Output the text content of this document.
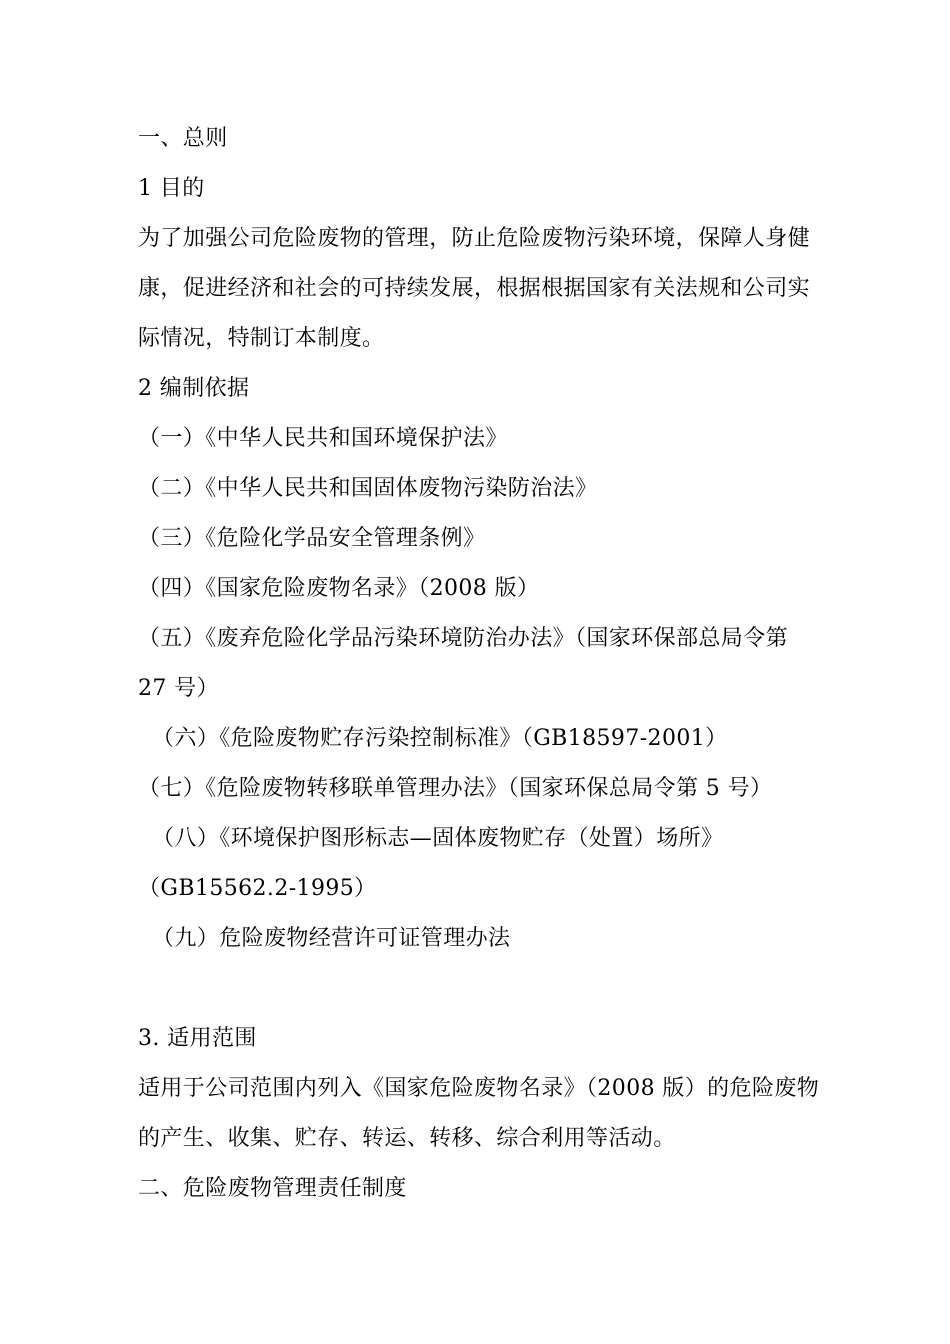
一、总则
1 目的
为了加强公司危险废物的管理，防止危险废物污染环境，保障人身健
康，促进经济和社会的可持续发展，根据根据国家有关法规和公司实
际情况，特制订本制度。
2 编制依据
（一）《中华人民共和国环境保护法》
（二）《中华人民共和国固体废物污染防治法》
（三）《危险化学品安全管理条例》
（四）《国家危险废物名录》（2008 版）
（五）《废弃危险化学品污染环境防治办法》（国家环保部总局令第
27 号）
（六）《危险废物贮存污染控制标准》（GB18597-2001）
（七）《危险废物转移联单管理办法》（国家环保总局令第 5 号）
（八）《环境保护图形标志—固体废物贮存（处置）场所》
（GB15562.2-1995）
（九）危险废物经营许可证管理办法
3. 适用范围
适用于公司范围内列入《国家危险废物名录》（2008 版）的危险废物
的产生、收集、贮存、转运、转移、综合利用等活动。
二、危险废物管理责任制度
